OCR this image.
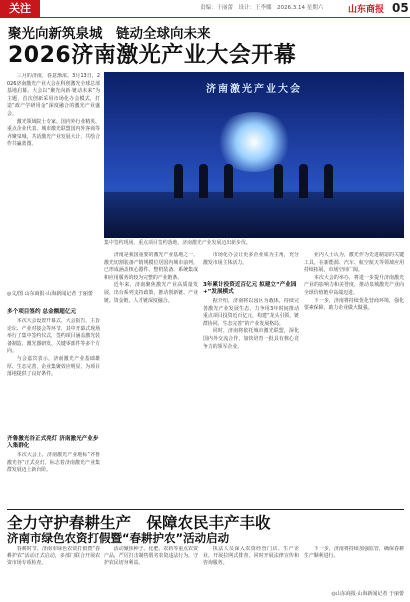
关注	责编：于丽蕾　设计：王李娜　2026.3.14 星期六	山东商报 05
聚光向新筑泉城　链动全球向未来
2026济南激光产业大会开幕

三月的济南，春意渐浓。3月13日，2026济南激光产业大会在科创激光全球总部基地启幕。大会以“聚光向新·链动未来”为主题，首次创新采用市场化办会模式，打造“政产学研用金”深度融合的激光产业盛会。

激光领域院士专家、国内外行业精英、重点企业代表、城市激光联盟国内外客商等齐聚泉城，共话激光产业发展大计，共绘合作共赢蓝图。

济南激光产业大会
集中签约现场，重点项目签约落地，济南激光产业发展迈出新步伐。
◎文/图 山东商报·山海新闻记者 于丽蕾
多个项目签约 总金额超亿元

本次大会设置开幕式、大会报告、主旨论坛、产业对接会等环节，其中开幕式现场举行了集中签约仪式，签约项目涵盖激光装备制造、激光器研发、关键零部件等多个方向。

与会嘉宾表示，济南激光产业基础雄厚、生态完善，企业集聚效应明显，为项目落地提供了良好条件。

齐鲁激光谷正式亮灯 济南激光产业步入集群化

本次大会上，济南激光产业地标“齐鲁激光谷”正式亮灯，标志着济南激光产业集群发展迈上新台阶。

济南是我国重要的激光产业基地之一，激光切割装备产销规模位居国内城市前列，已形成涵盖核心器件、整机装备、系统集成和应用服务的较为完整的产业链条。

近年来，济南聚焦激光产业高质量发展，出台系列支持政策，推动创新链、产业链、资金链、人才链深度融合。

市场化办会让更多企业成为主角，充分激发市场主体活力。

3年累计投资近百亿元 拟建立“产业园+”发展模式

据介绍，济南将以园区为载体，持续完善激光产业发展生态，力争用3年时间推动重点项目投资近百亿元，构建“龙头引领、链群协同、生态完善”的产业发展格局。

同时，济南将依托城市激光联盟，深化国内外交流合作，加快培育一批具有核心竞争力的领军企业。

业内人士认为，激光作为先进制造的关键工具，在新能源、汽车、航空航天等领域应用持续拓展，市场空间广阔。

本次大会的举办，将进一步提升济南激光产业的影响力和美誉度，推动泉城激光产业向全球价值链中高端迈进。

下一步，济南将持续优化营商环境，强化要素保障，助力企业做大做强。

全力守护春耕生产　保障农民丰产丰收
济南市绿色农资打假暨“春耕护农”活动启动

春耕时节，济南市绿色农资打假暨“春耕护农”活动正式启动，多部门联合开展农资市场专项检查。

活动聚焦种子、化肥、农药等重点农资产品，严厉打击制售假劣农资违法行为，守护农民切身利益。

执法人员深入农资经营门店、生产企业，开展拉网式排查，同时开展法律宣传和咨询服务。

下一步，济南将持续加强监管，确保春耕生产顺利进行。

◎山东商报·山海新闻记者 于丽蕾
